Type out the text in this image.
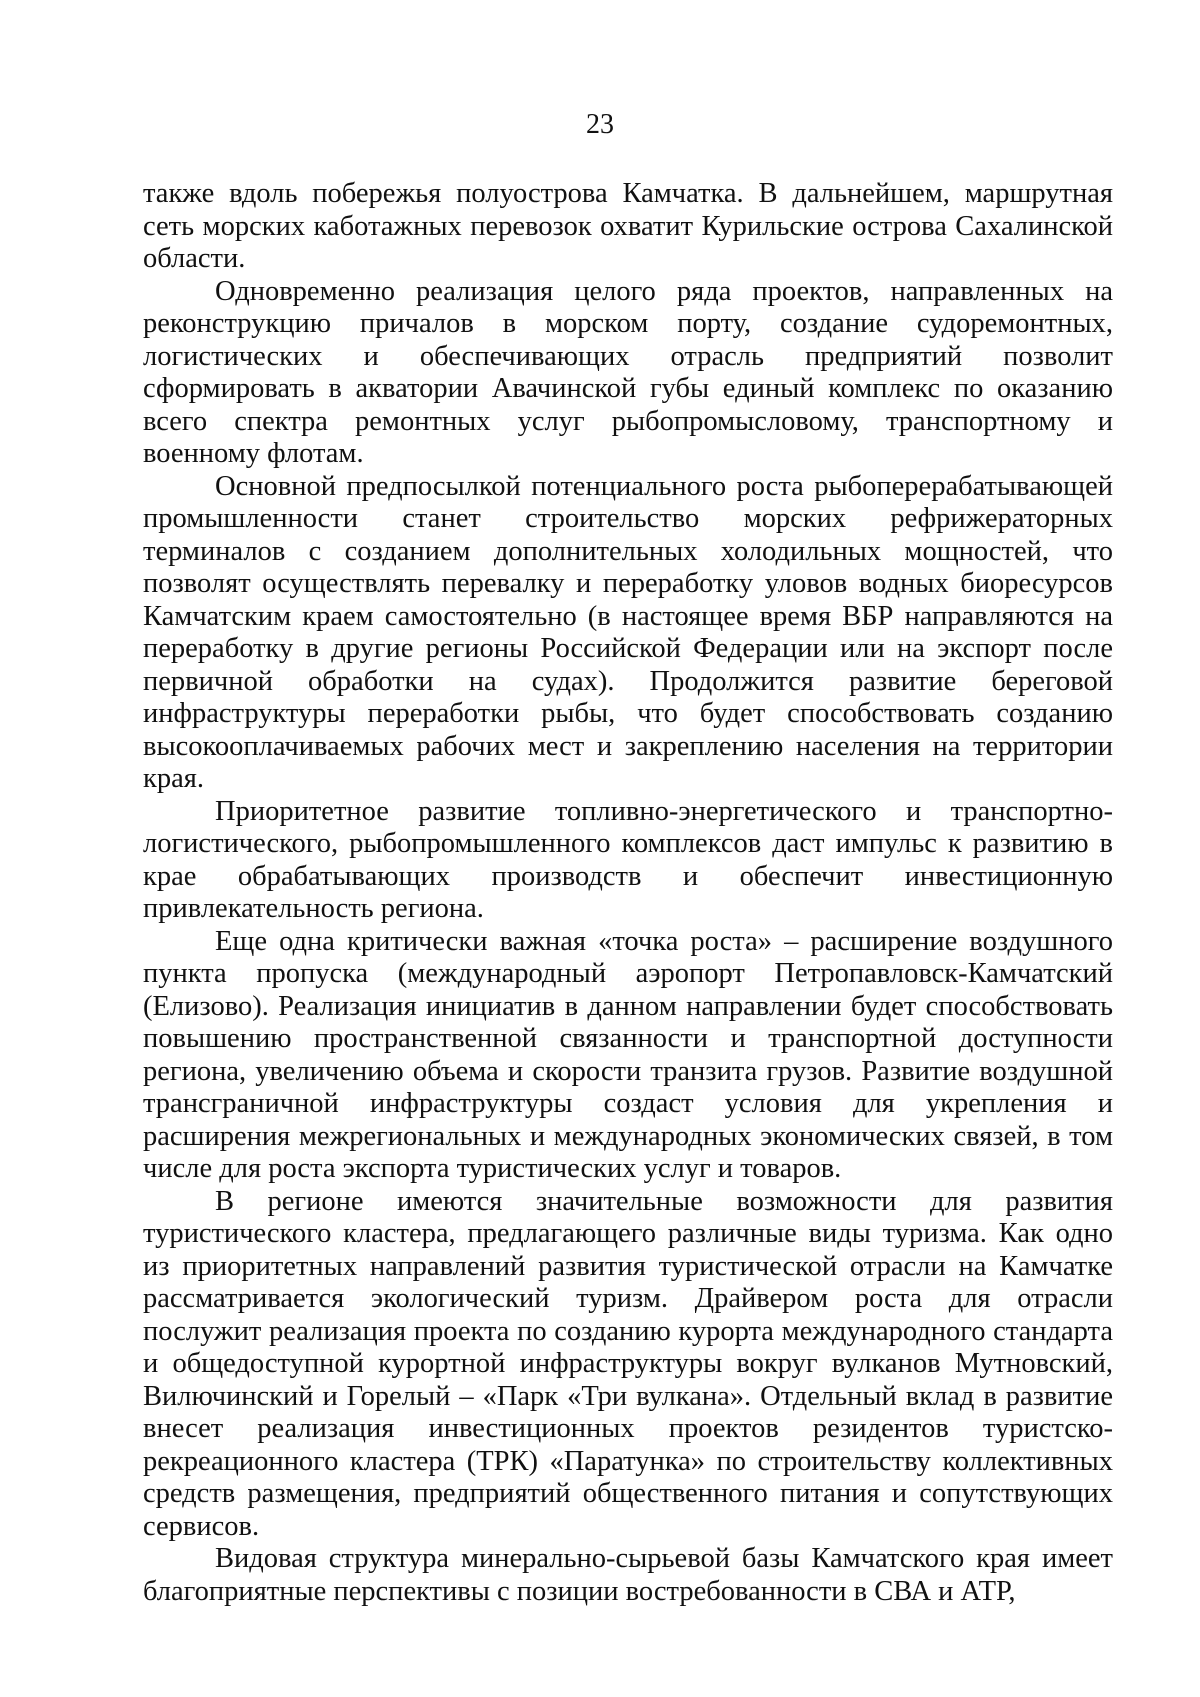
23

также вдоль побережья полуострова Камчатка. В дальнейшем, маршрутная сеть морских каботажных перевозок охватит Курильские острова Сахалинской области.

Одновременно реализация целого ряда проектов, направленных на реконструкцию причалов в морском порту, создание судоремонтных, логистических и обеспечивающих отрасль предприятий позволит сформировать в акватории Авачинской губы единый комплекс по оказанию всего спектра ремонтных услуг рыбопромысловому, транспортному и военному флотам.

Основной предпосылкой потенциального роста рыбоперерабатывающей промышленности станет строительство морских рефрижераторных терминалов с созданием дополнительных холодильных мощностей, что позволят осуществлять перевалку и переработку уловов водных биоресурсов Камчатским краем самостоятельно (в настоящее время ВБР направляются на переработку в другие регионы Российской Федерации или на экспорт после первичной обработки на судах). Продолжится развитие береговой инфраструктуры переработки рыбы, что будет способствовать созданию высокооплачиваемых рабочих мест и закреплению населения на территории края.

Приоритетное развитие топливно-энергетического и транспортно-логистического, рыбопромышленного комплексов даст импульс к развитию в крае обрабатывающих производств и обеспечит инвестиционную привлекательность региона.

Еще одна критически важная «точка роста» – расширение воздушного пункта пропуска (международный аэропорт Петропавловск-Камчатский (Елизово). Реализация инициатив в данном направлении будет способствовать повышению пространственной связанности и транспортной доступности региона, увеличению объема и скорости транзита грузов. Развитие воздушной трансграничной инфраструктуры создаст условия для укрепления и расширения межрегиональных и международных экономических связей, в том числе для роста экспорта туристических услуг и товаров.

В регионе имеются значительные возможности для развития туристического кластера, предлагающего различные виды туризма. Как одно из приоритетных направлений развития туристической отрасли на Камчатке рассматривается экологический туризм. Драйвером роста для отрасли послужит реализация проекта по созданию курорта международного стандарта и общедоступной курортной инфраструктуры вокруг вулканов Мутновский, Вилючинский и Горелый – «Парк «Три вулкана». Отдельный вклад в развитие внесет реализация инвестиционных проектов резидентов туристско-рекреационного кластера (ТРК) «Паратунка» по строительству коллективных средств размещения, предприятий общественного питания и сопутствующих сервисов.

Видовая структура минерально-сырьевой базы Камчатского края имеет благоприятные перспективы с позиции востребованности в СВА и АТР,
